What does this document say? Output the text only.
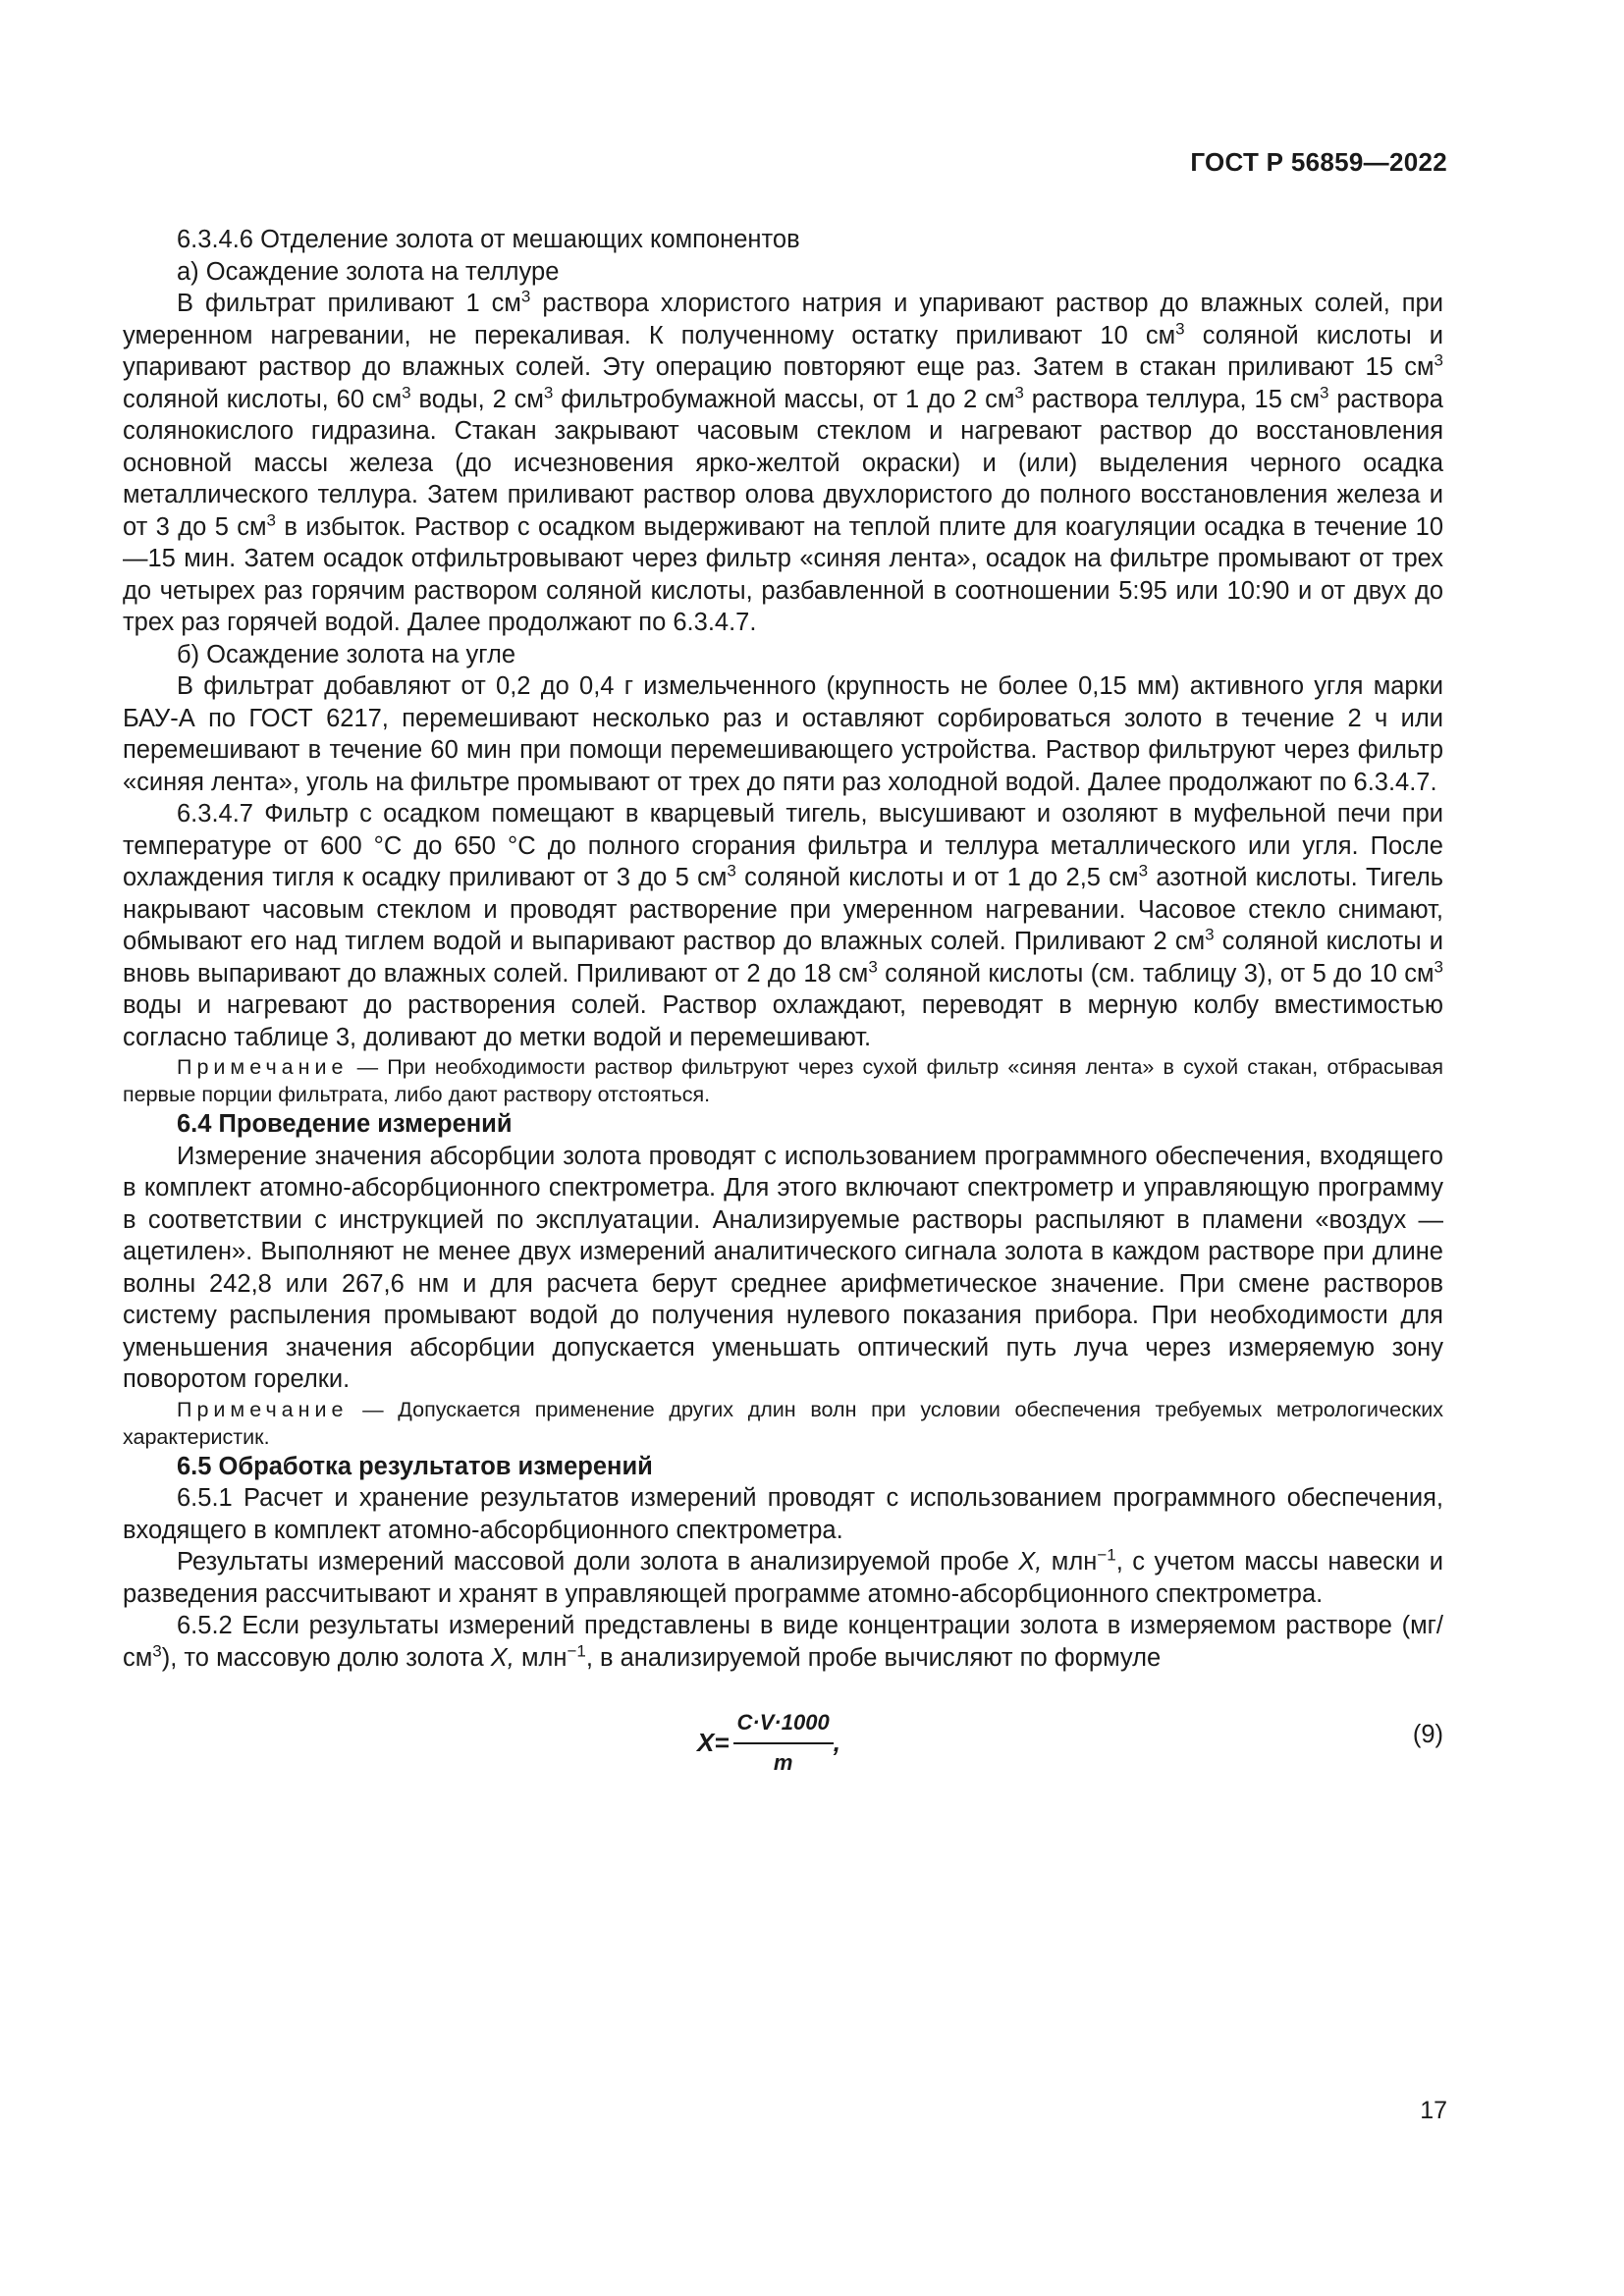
ГОСТ Р 56859—2022

6.3.4.6 Отделение золота от мешающих компонентов

а) Осаждение золота на теллуре

В фильтрат приливают 1 $см^3$ раствора хлористого натрия и упаривают раствор до влажных солей, при умеренном нагревании, не перекаливая. К полученному остатку приливают 10 $см^3$ соляной кислоты и упаривают раствор до влажных солей. Эту операцию повторяют еще раз. Затем в стакан приливают 15 $см^3$ соляной кислоты, 60 $см^3$ воды, 2 $см^3$ фильтробумажной массы, от 1 до 2 $см^3$ раствора теллура, 15 $см^3$ раствора солянокислого гидразина. Стакан закрывают часовым стеклом и нагревают раствор до восстановления основной массы железа (до исчезновения ярко-желтой окраски) и (или) выделения черного осадка металлического теллура. Затем приливают раствор олова двухлористого до полного восстановления железа и от 3 до 5 $см^3$ в избыток. Раствор с осадком выдерживают на теплой плите для коагуляции осадка в течение 10—15 мин. Затем осадок отфильтровывают через фильтр «синяя лента», осадок на фильтре промывают от трех до четырех раз горячим раствором соляной кислоты, разбавленной в соотношении 5:95 или 10:90 и от двух до трех раз горячей водой. Далее продолжают по 6.3.4.7.

б) Осаждение золота на угле

В фильтрат добавляют от 0,2 до 0,4 г измельченного (крупность не более 0,15 мм) активного угля марки БАУ-А по ГОСТ 6217, перемешивают несколько раз и оставляют сорбироваться золото в течение 2 ч или перемешивают в течение 60 мин при помощи перемешивающего устройства. Раствор фильтруют через фильтр «синяя лента», уголь на фильтре промывают от трех до пяти раз холодной водой. Далее продолжают по 6.3.4.7.

6.3.4.7 Фильтр с осадком помещают в кварцевый тигель, высушивают и озоляют в муфельной печи при температуре от 600 °С до 650 °С до полного сгорания фильтра и теллура металлического или угля. После охлаждения тигля к осадку приливают от 3 до 5 $см^3$ соляной кислоты и от 1 до 2,5 $см^3$ азотной кислоты. Тигель накрывают часовым стеклом и проводят растворение при умеренном нагревании. Часовое стекло снимают, обмывают его над тиглем водой и выпаривают раствор до влажных солей. Приливают 2 $см^3$ соляной кислоты и вновь выпаривают до влажных солей. Приливают от 2 до 18 $см^3$ соляной кислоты (см. таблицу 3), от 5 до 10 $см^3$ воды и нагревают до растворения солей. Раствор охлаждают, переводят в мерную колбу вместимостью согласно таблице 3, доливают до метки водой и перемешивают.

Примечание — При необходимости раствор фильтруют через сухой фильтр «синяя лента» в сухой стакан, отбрасывая первые порции фильтрата, либо дают раствору отстояться.

6.4 Проведение измерений

Измерение значения абсорбции золота проводят с использованием программного обеспечения, входящего в комплект атомно-абсорбционного спектрометра. Для этого включают спектрометр и управляющую программу в соответствии с инструкцией по эксплуатации. Анализируемые растворы распыляют в пламени «воздух — ацетилен». Выполняют не менее двух измерений аналитического сигнала золота в каждом растворе при длине волны 242,8 или 267,6 нм и для расчета берут среднее арифметическое значение. При смене растворов систему распыления промывают водой до получения нулевого показания прибора. При необходимости для уменьшения значения абсорбции допускается уменьшать оптический путь луча через измеряемую зону поворотом горелки.

Примечание — Допускается применение других длин волн при условии обеспечения требуемых метрологических характеристик.

6.5 Обработка результатов измерений

6.5.1 Расчет и хранение результатов измерений проводят с использованием программного обеспечения, входящего в комплект атомно-абсорбционного спектрометра.

Результаты измерений массовой доли золота в анализируемой пробе X, млн$^{-1}$, с учетом массы навески и разведения рассчитывают и хранят в управляющей программе атомно-абсорбционного спектрометра.

6.5.2 Если результаты измерений представлены в виде концентрации золота в измеряемом растворе $(мг/см^3)$, то массовую долю золота X, млн$^{-1}$, в анализируемой пробе вычисляют по формуле

$X= \frac{C\cdot V\cdot 1000}{m}$ ,	(9)
17
